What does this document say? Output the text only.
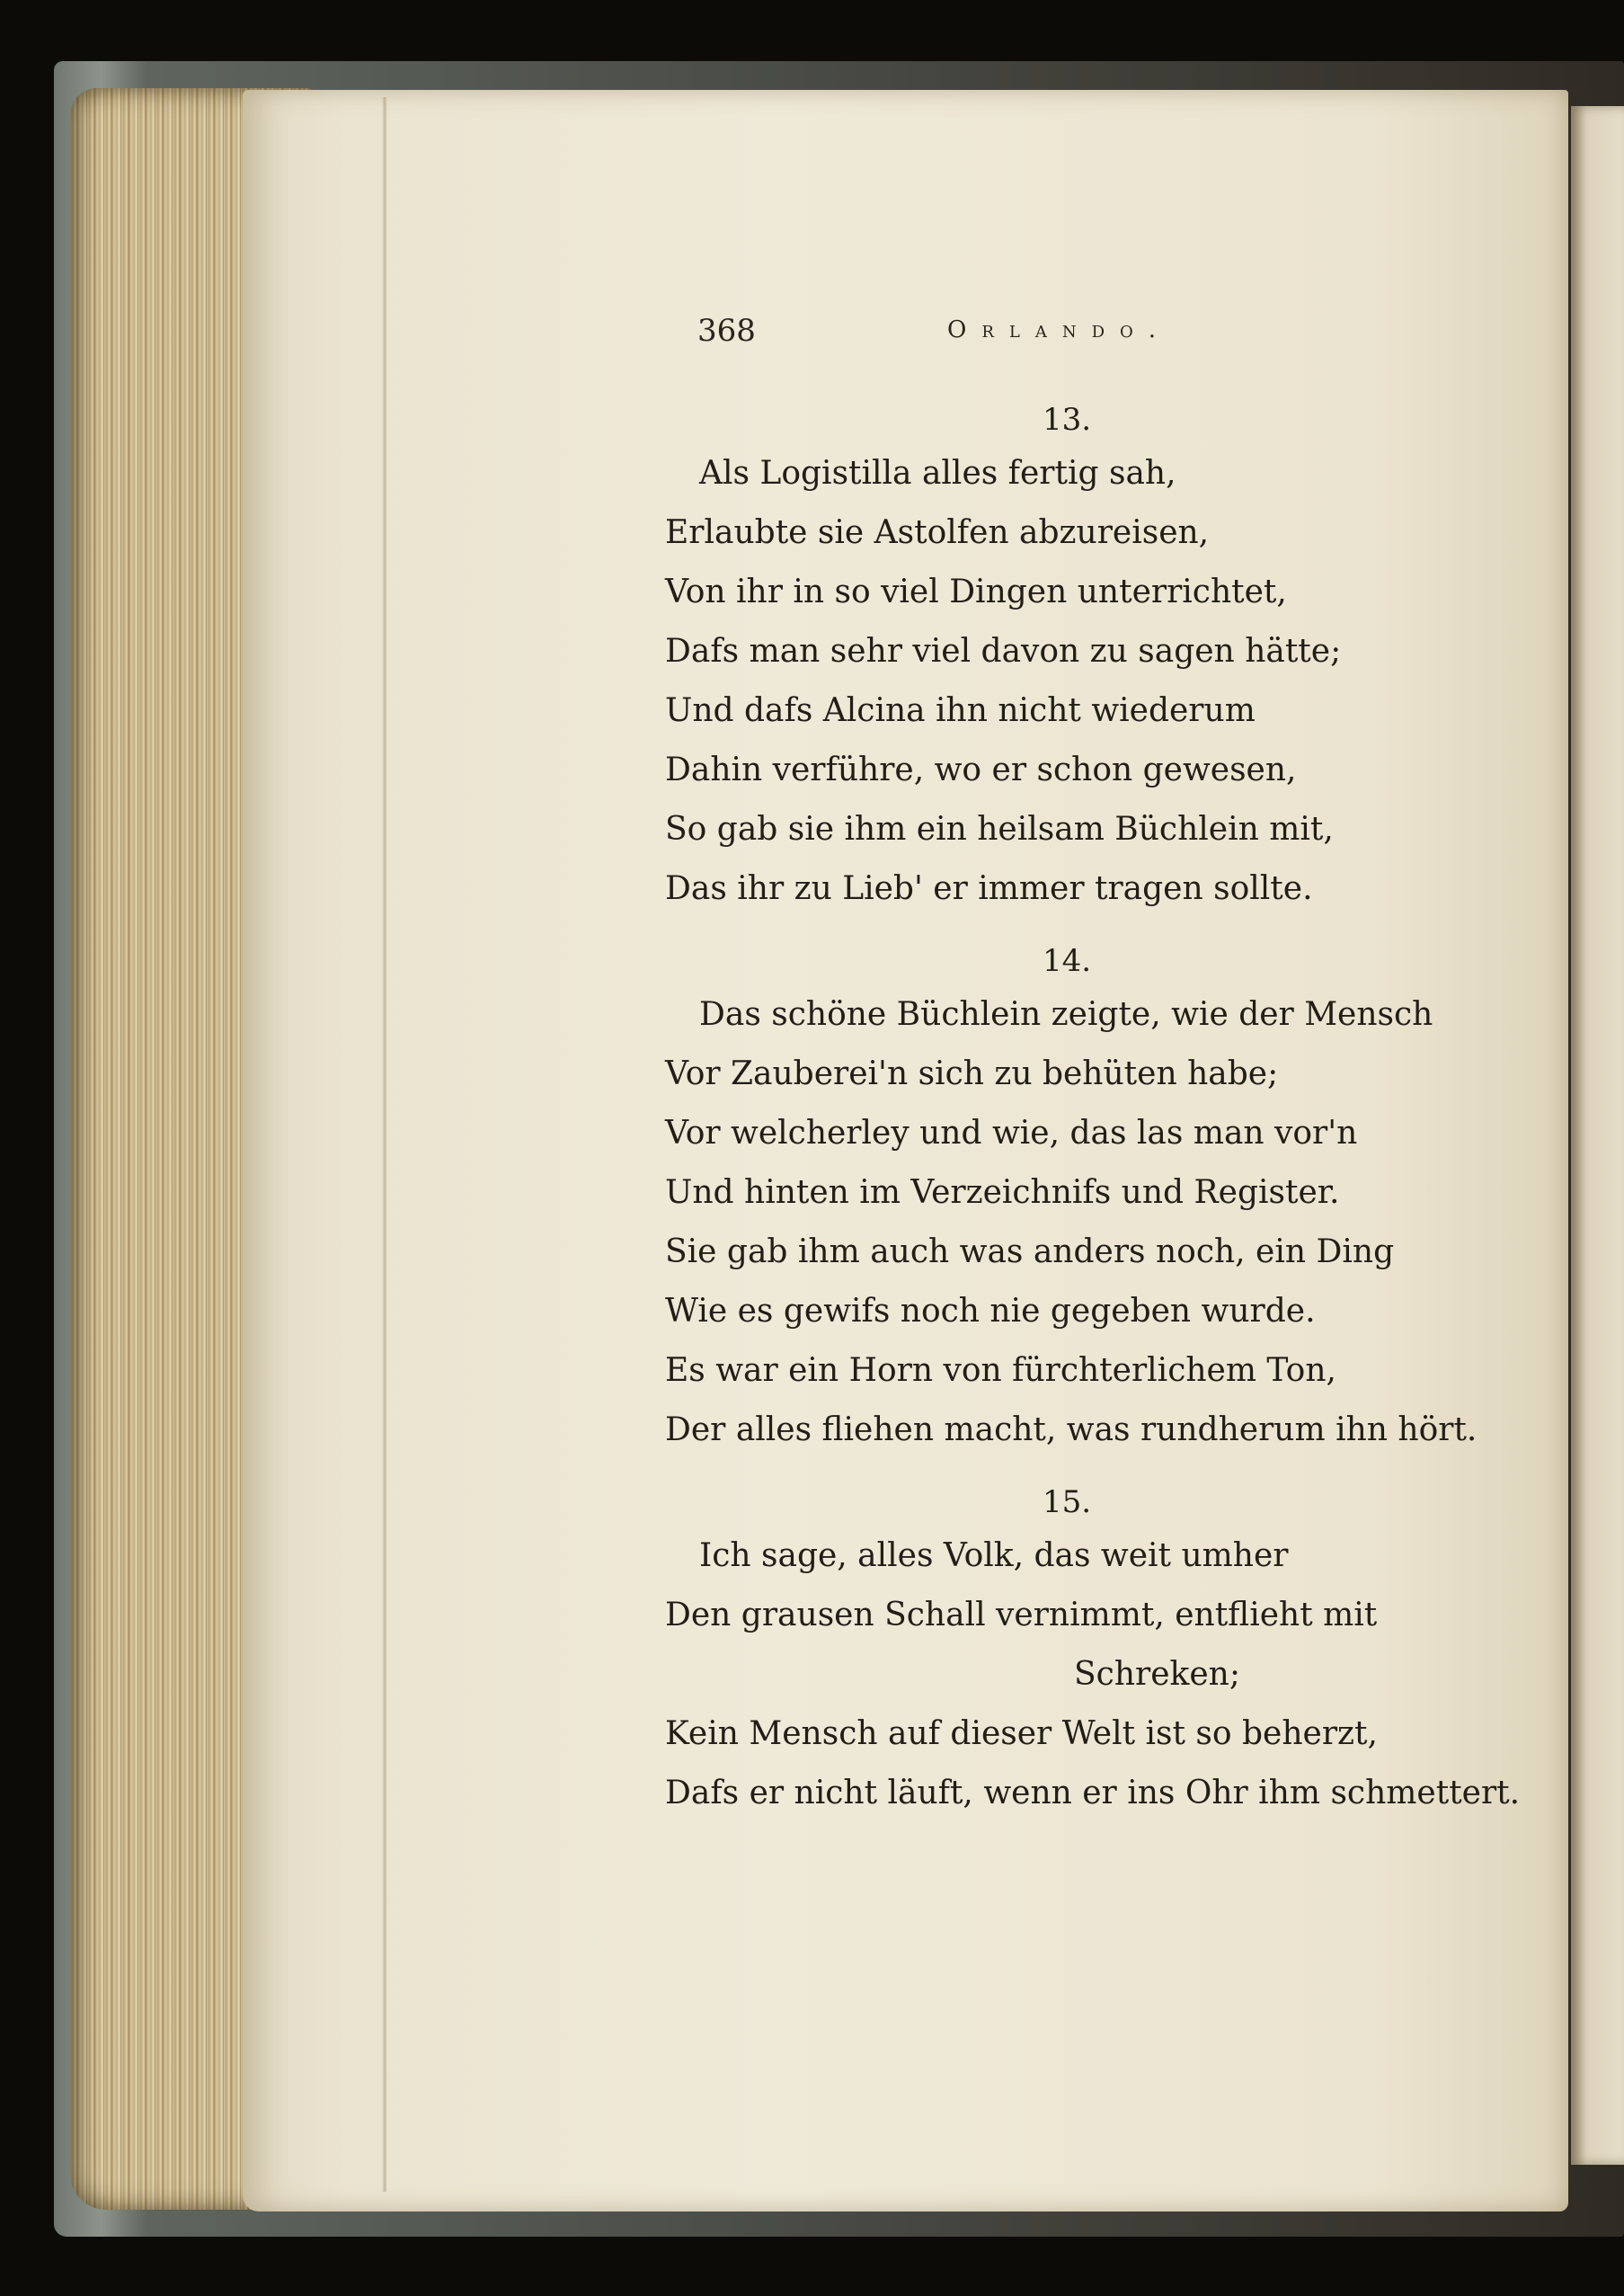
368	Orlando.
13.
Als Logistilla alles fertig sah,
Erlaubte sie Astolfen abzureisen,
Von ihr in so viel Dingen unterrichtet,
Dafs man sehr viel davon zu sagen hätte;
Und dafs Alcina ihn nicht wiederum
Dahin verführe, wo er schon gewesen,
So gab sie ihm ein heilsam Büchlein mit,
Das ihr zu Lieb' er immer tragen sollte.
14.
Das schöne Büchlein zeigte, wie der Mensch
Vor Zauberei'n sich zu behüten habe;
Vor welcherley und wie, das las man vor'n
Und hinten im Verzeichnifs und Register.
Sie gab ihm auch was anders noch, ein Ding
Wie es gewifs noch nie gegeben wurde.
Es war ein Horn von fürchterlichem Ton,
Der alles fliehen macht, was rundherum ihn hört.
15.
Ich sage, alles Volk, das weit umher
Den grausen Schall vernimmt, entflieht mit
Schreken;
Kein Mensch auf dieser Welt ist so beherzt,
Dafs er nicht läuft, wenn er ins Ohr ihm schmettert.
